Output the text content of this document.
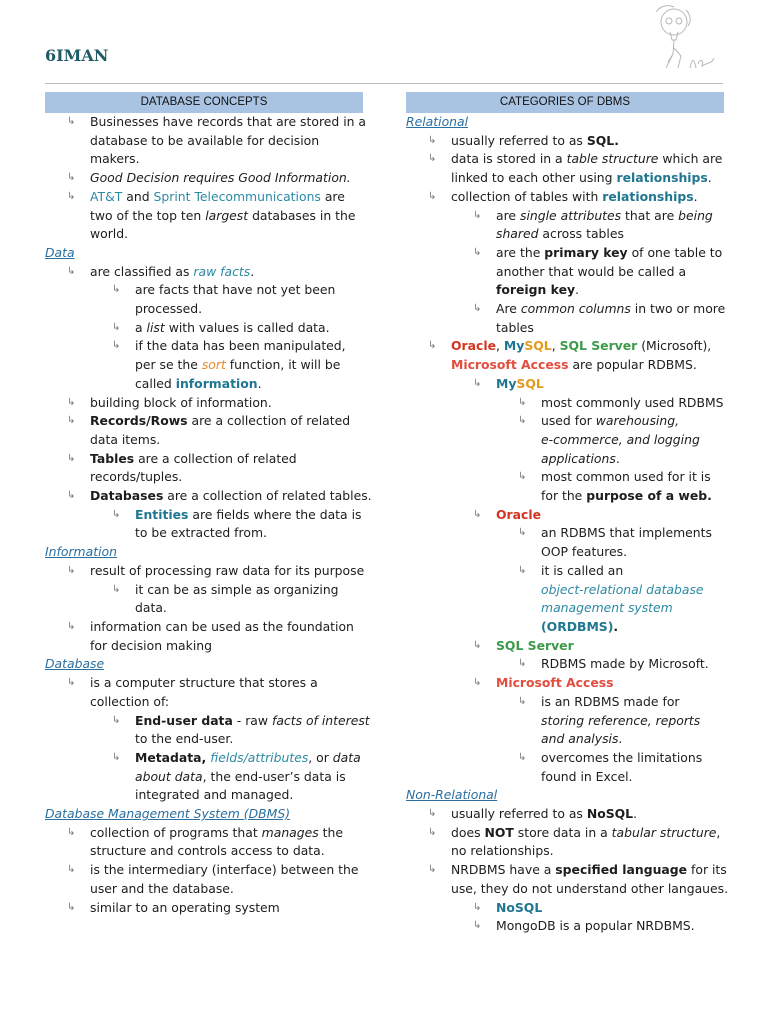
6IMAN
DATABASE CONCEPTS
↳ Businesses have records that are stored in a
database to be available for decision
makers.
↳ Good Decision requires Good Information.
↳ AT&T and Sprint Telecommunications are
two of the top ten largest databases in the
world.
Data
↳ are classified as raw facts.
↳ are facts that have not yet been
processed.
↳ a list with values is called data.
↳ if the data has been manipulated,
per se the sort function, it will be
called information.
↳ building block of information.
↳ Records/Rows are a collection of related
data items.
↳ Tables are a collection of related
records/tuples.
↳ Databases are a collection of related tables.
↳ Entities are fields where the data is
to be extracted from.
Information
↳ result of processing raw data for its purpose
↳ it can be as simple as organizing
data.
↳ information can be used as the foundation
for decision making
Database
↳ is a computer structure that stores a
collection of:
↳ End-user data - raw facts of interest
to the end-user.
↳ Metadata, fields/attributes, or data
about data, the end-user’s data is
integrated and managed.
Database Management System (DBMS)
↳ collection of programs that manages the
structure and controls access to data.
↳ is the intermediary (interface) between the
user and the database.
↳ similar to an operating system
CATEGORIES OF DBMS
Relational
↳ usually referred to as SQL.
↳ data is stored in a table structure which are
linked to each other using relationships.
↳ collection of tables with relationships.
↳ are single attributes that are being
shared across tables
↳ are the primary key of one table to
another that would be called a
foreign key.
↳ Are common columns in two or more
tables
↳ Oracle, MySQL, SQL Server (Microsoft),
Microsoft Access are popular RDBMS.
↳ MySQL
↳ most commonly used RDBMS
↳ used for warehousing,
e-commerce, and logging
applications.
↳ most common used for it is
for the purpose of a web.
↳ Oracle
↳ an RDBMS that implements
OOP features.
↳ it is called an
object-relational database
management system
(ORDBMS).
↳ SQL Server
↳ RDBMS made by Microsoft.
↳ Microsoft Access
↳ is an RDBMS made for
storing reference, reports
and analysis.
↳ overcomes the limitations
found in Excel.
Non-Relational
↳ usually referred to as NoSQL.
↳ does NOT store data in a tabular structure,
no relationships.
↳ NRDBMS have a specified language for its
use, they do not understand other langaues.
↳ NoSQL
↳ MongoDB is a popular NRDBMS.
